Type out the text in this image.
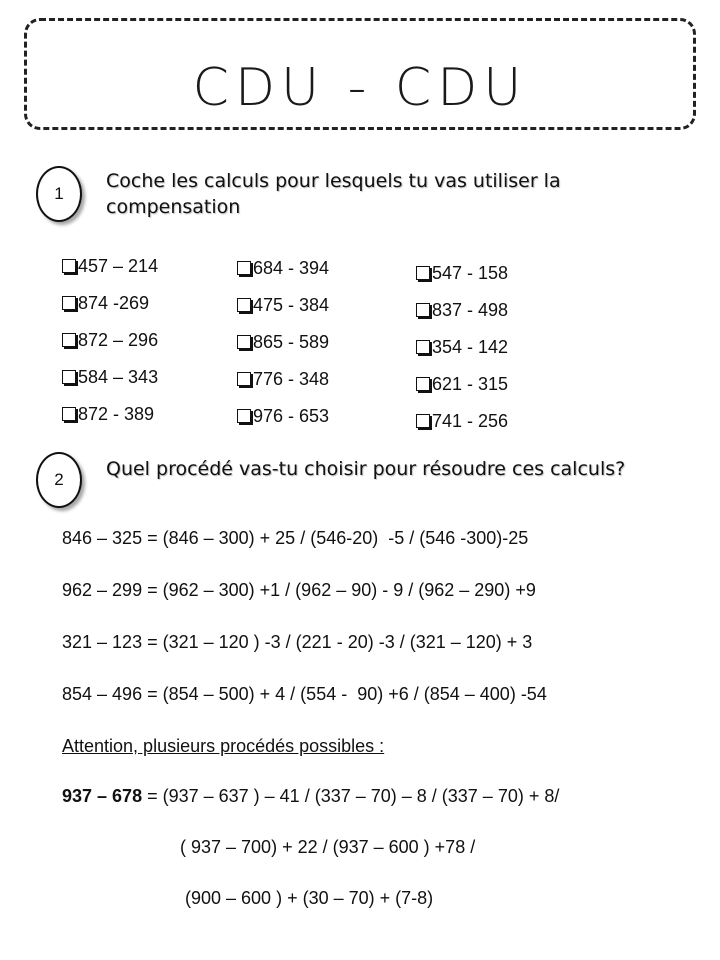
CDU - CDU
1
Coche les calculs pour lesquels tu vas utiliser la compensation
457 – 214
874 -269
872 – 296
584 – 343
872 - 389
684 - 394
475 - 384
865 - 589
776 - 348
976 - 653
547 - 158
837 - 498
354 - 142
621 - 315
741 - 256
2	Quel procédé vas-tu choisir pour résoudre ces calculs?
846 – 325 = (846 – 300) + 25 / (546-20)  -5 / (546 -300)-25
962 – 299 = (962 – 300) +1 / (962 – 90) - 9 / (962 – 290) +9
321 – 123 = (321 – 120 ) -3 / (221 - 20) -3 / (321 – 120) + 3
854 – 496 = (854 – 500) + 4 / (554 -  90) +6 / (854 – 400) -54
Attention, plusieurs procédés possibles :
937 – 678 = (937 – 637 ) – 41 / (337 – 70) – 8 / (337 – 70) + 8/
( 937 – 700) + 22 / (937 – 600 ) +78 /
(900 – 600 ) + (30 – 70) + (7-8)
